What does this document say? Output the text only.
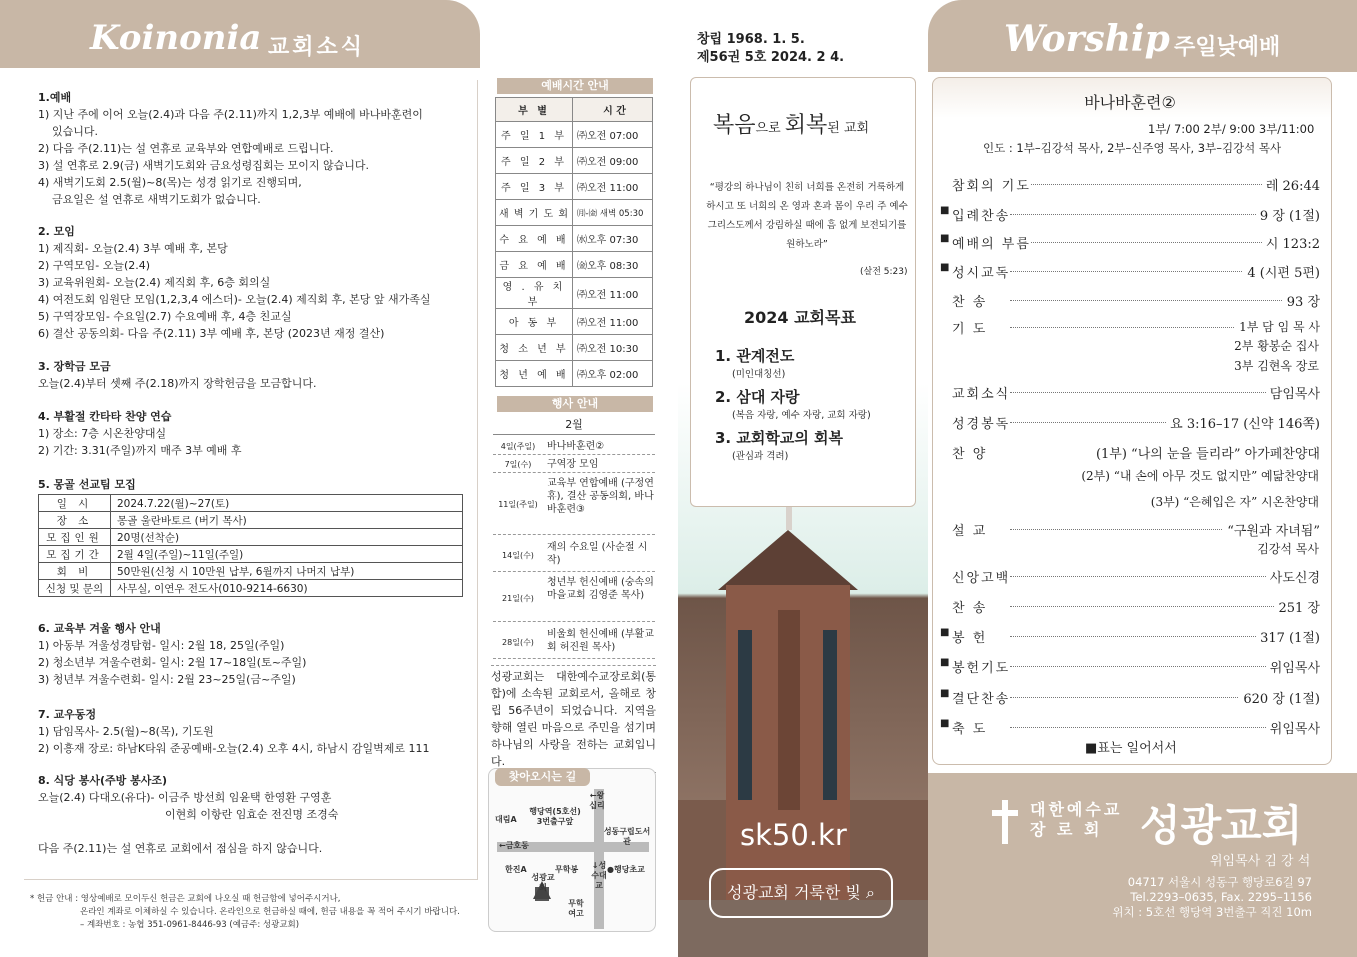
Koinonia 교회소식
1.예배

1) 지난 주에 이어 오늘(2.4)과 다음 주(2.11)까지 1,2,3부 예배에 바나바훈련이

있습니다.

2) 다음 주(2.11)는 설 연휴로 교육부와 연합예배로 드립니다.

3) 설 연휴로 2.9(금) 새벽기도회와 금요성령집회는 모이지 않습니다.

4) 새벽기도회 2.5(월)~8(목)는 성경 읽기로 진행되며,

금요일은 설 연휴로 새벽기도회가 없습니다.

2. 모임

1) 제직회- 오늘(2.4) 3부 예배 후, 본당

2) 구역모임- 오늘(2.4)

3) 교육위원회- 오늘(2.4) 제직회 후, 6층 회의실

4) 여전도회 임원단 모임(1,2,3,4 에스더)- 오늘(2.4) 제직회 후, 본당 앞 새가족실

5) 구역장모임- 수요일(2.7) 수요예배 후, 4층 친교실

6) 결산 공동의회- 다음 주(2.11) 3부 예배 후, 본당 (2023년 재정 결산)

3. 장학금 모금

오늘(2.4)부터 셋째 주(2.18)까지 장학헌금을 모금합니다.

4. 부활절 칸타타 찬양 연습

1) 장소: 7층 시온찬양대실

2) 기간: 3.31(주일)까지 매주 3부 예배 후

5. 몽골 선교팀 모집
일 시	2024.7.22(월)~27(토)
장 소	몽골 울란바토르 (버기 목사)
모집인원	20명(선착순)
모집기간	2월 4일(주일)~11일(주일)
회 비	50만원(신청 시 10만원 납부, 6월까지 나머지 납부)
신청 및 문의	사무실, 이연우 전도사(010-9214-6630)
6. 교육부 겨울 행사 안내

1) 아동부 겨울성경탐험- 일시: 2월 18, 25일(주일)

2) 청소년부 겨울수련회- 일시: 2월 17~18일(토~주일)

3) 청년부 겨울수련회- 일시: 2월 23~25일(금~주일)

7. 교우동정

1) 담임목사- 2.5(월)~8(목), 기도원

2) 이흥재 장로: 하남K타워 준공예배-오늘(2.4) 오후 4시, 하남시 감일벽제로 111

8. 식당 봉사(주방 봉사조)

오늘(2.4) 다대오(유다)- 이금주 방선희 임윤택 한영환 구영훈

이현희 이항란 임효순 전진명 조경숙

다음 주(2.11)는 설 연휴로 교회에서 점심을 하지 않습니다.

* 헌금 안내 : 영상예배로 모이두신 헌금은 교회에 나오실 때 헌금함에 넣어주시거나,

온라인 계좌로 이체하실 수 있습니다. 온라인으로 헌금하실 때에, 헌금 내용을 꼭 적어 주시기 바랍니다.

– 계좌번호 : 농협 351-0961-8446-93 (예금주: 성광교회)

예배시간 안내
부 별	시 간
주 일 1 부	㈜오전 07:00
주 일 2 부	㈜오전 09:00
주 일 3 부	㈜오전 11:00
새 벽 기 도 회	㈪-㈮ 새벽 05:30
수 요 예 배	㈬오후 07:30
금 요 예 배	㈮오후 08:30
영 . 유 치 부	㈜오전 11:00
아 동 부	㈜오전 11:00
청 소 년 부	㈜오전 10:30
청 년 예 배	㈜오후 02:00
행사 안내
2월
4일(주일)	바나바훈련②
7일(수)	구역장 모임
11일(주일)
교육부 연합예배 (구정연휴), 결산 공동의회, 바나바훈련③
14일(수)
재의 수요일 (사순절 시작)
21일(수)
청년부 헌신예배 (숭속의마을교회 김영준 목사)
28일(수)
비울회 헌신예배 (부활교회 허진원 목사)
성광교회는 대한예수교장로회(통합)에 소속된 교회로서, 올해로 창립 56주년이 되었습니다. 지역을 향해 열린 마음으로 주민을 섬기며 하나님의 사랑을 전하는 교회입니다.
대림A
행당역(5호선) 3번출구앞
←왕십리
성동구립도서관
←금호동
한진A	무학봉 ↓성수대교
●행당초교
성광교회
무학여고
찾아오시는 길
창립 1968. 1. 5.
제56권 5호 2024. 2 4.
복음으로 회복된 교회
“평강의 하나님이 친히 너희를 온전히 거룩하게 하시고 또 너희의 온 영과 혼과 몸이 우리 주 예수 그리스도께서 강림하실 때에 흠 없게 보전되기를 원하노라”
(살전 5:23)
2024 교회목표
1. 관계전도
(미인대칭선)
2. 삼대 자랑
(복음 자랑, 예수 자랑, 교회 자랑)
3. 교회학교의 회복
(관심과 격려)
sk50.kr
성광교회 거룩한 빛 ⌕
Worship 주일낮예배
바나바훈련②
1부/ 7:00 2부/ 9:00 3부/11:00
인도 : 1부–김강석 목사, 2부–신주영 목사, 3부–김강석 목사
참회의 기도	레 26:44
■ 입례찬송	9 장 (1절)
■ 예배의 부름	시 123:2
■ 성시교독	4 (시편 5편)
찬 송	93 장
기 도	1부 담 임 목 사
2부 황봉순 집사
3부 김현옥 장로
교회소식	담임목사
성경봉독	요 3:16–17 (신약 146쪽)
찬 양	(1부) “나의 눈을 들리라” 아가페찬양대
(2부) “내 손에 아무 것도 없지만” 예닮찬양대
(3부) “은혜입은 자” 시온찬양대
설 교	“구원과 자녀됨”
김강석 목사
신앙고백	사도신경
찬 송	251 장
■ 봉 헌	317 (1절)
■ 봉헌기도	위임목사
■ 결단찬송	620 장 (1절)
■ 축 도	위임목사
■표는 일어서서
대한예수교
장 로 회 성광교회
위임목사 김 강 석
04717 서울시 성동구 행당로6길 97
Tel.2293–0635, Fax. 2295–1156
위치 : 5호선 행당역 3번출구 직진 10m
